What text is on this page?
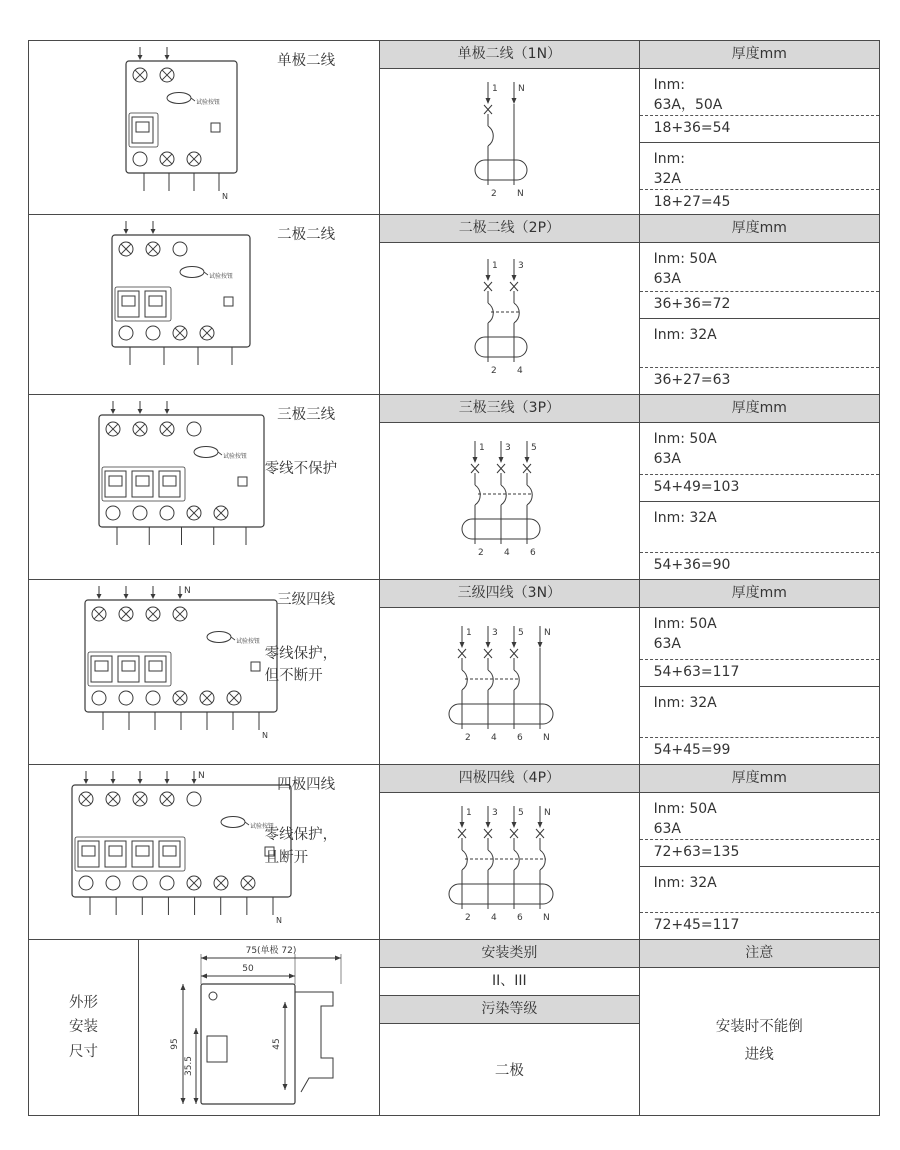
试验按钮
N
单极二线	单极二线（1N）
1
2
N
N
厚度mm
Inm:
63A，50A
18+36=54
Inm:
32A
18+27=45
试验按钮
二极二线	二极二线（2P）
1
2
3
4
厚度mm
Inm: 50A
63A
36+36=72
Inm: 32A
36+27=63
试验按钮
三极三线
零线不保护
三极三线（3P）
1
2
3
4
5
6
厚度mm
Inm: 50A
63A
54+49=103
Inm: 32A
54+36=90
N
试验按钮
N
三级四线
零线保护，
但不断开
三级四线（3N）
1
2
3
4
5
6
N
N
厚度mm
Inm: 50A
63A
54+63=117
Inm: 32A
54+45=99
N
试验按钮
N
四极四线
零线保护，
且断开
四极四线（4P）
1
2
3
4
5
6
N
N
厚度mm
Inm: 50A
63A
72+63=135
Inm: 32A
72+45=117
外形
安装
尺寸
75(单极 72)
50
95
35.5
45
安装类别
II、III
污染等级
二极
注意
安装时不能倒
进线
